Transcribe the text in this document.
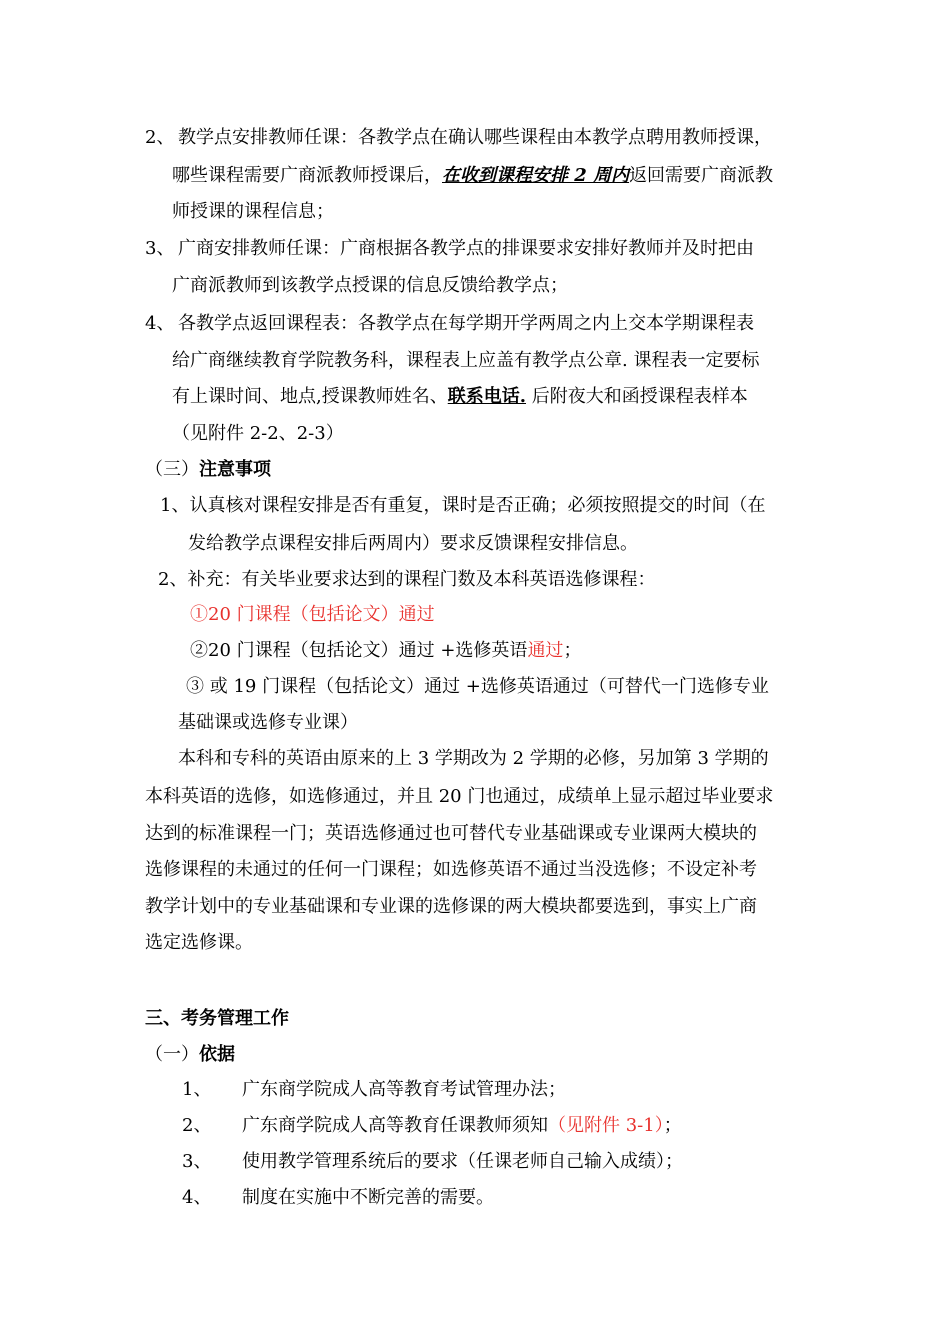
2、 教学点安排教师任课：各教学点在确认哪些课程由本教学点聘用教师授课，
哪些课程需要广商派教师授课后，在收到课程安排 2 周内返回需要广商派教
师授课的课程信息；
3、 广商安排教师任课：广商根据各教学点的排课要求安排好教师并及时把由
广商派教师到该教学点授课的信息反馈给教学点；
4、 各教学点返回课程表：各教学点在每学期开学两周之内上交本学期课程表
给广商继续教育学院教务科，课程表上应盖有教学点公章. 课程表一定要标
有上课时间、地点,授课教师姓名、联系电话. 后附夜大和函授课程表样本
（见附件 2-2、2-3）
（三）注意事项
1、认真核对课程安排是否有重复，课时是否正确；必须按照提交的时间（在
发给教学点课程安排后两周内）要求反馈课程安排信息。
2、补充：有关毕业要求达到的课程门数及本科英语选修课程：
①20 门课程（包括论文）通过
②20 门课程（包括论文）通过 +选修英语通过；
③ 或 19 门课程（包括论文）通过 +选修英语通过（可替代一门选修专业
基础课或选修专业课）
本科和专科的英语由原来的上 3 学期改为 2 学期的必修，另加第 3 学期的
本科英语的选修，如选修通过，并且 20 门也通过，成绩单上显示超过毕业要求
达到的标准课程一门；英语选修通过也可替代专业基础课或专业课两大模块的
选修课程的未通过的任何一门课程；如选修英语不通过当没选修；不设定补考
教学计划中的专业基础课和专业课的选修课的两大模块都要选到，事实上广商
选定选修课。
三、考务管理工作
（一）依据
1、 广东商学院成人高等教育考试管理办法；
2、 广东商学院成人高等教育任课教师须知（见附件 3-1）；
3、 使用教学管理系统后的要求（任课老师自己输入成绩）；
4、 制度在实施中不断完善的需要。
